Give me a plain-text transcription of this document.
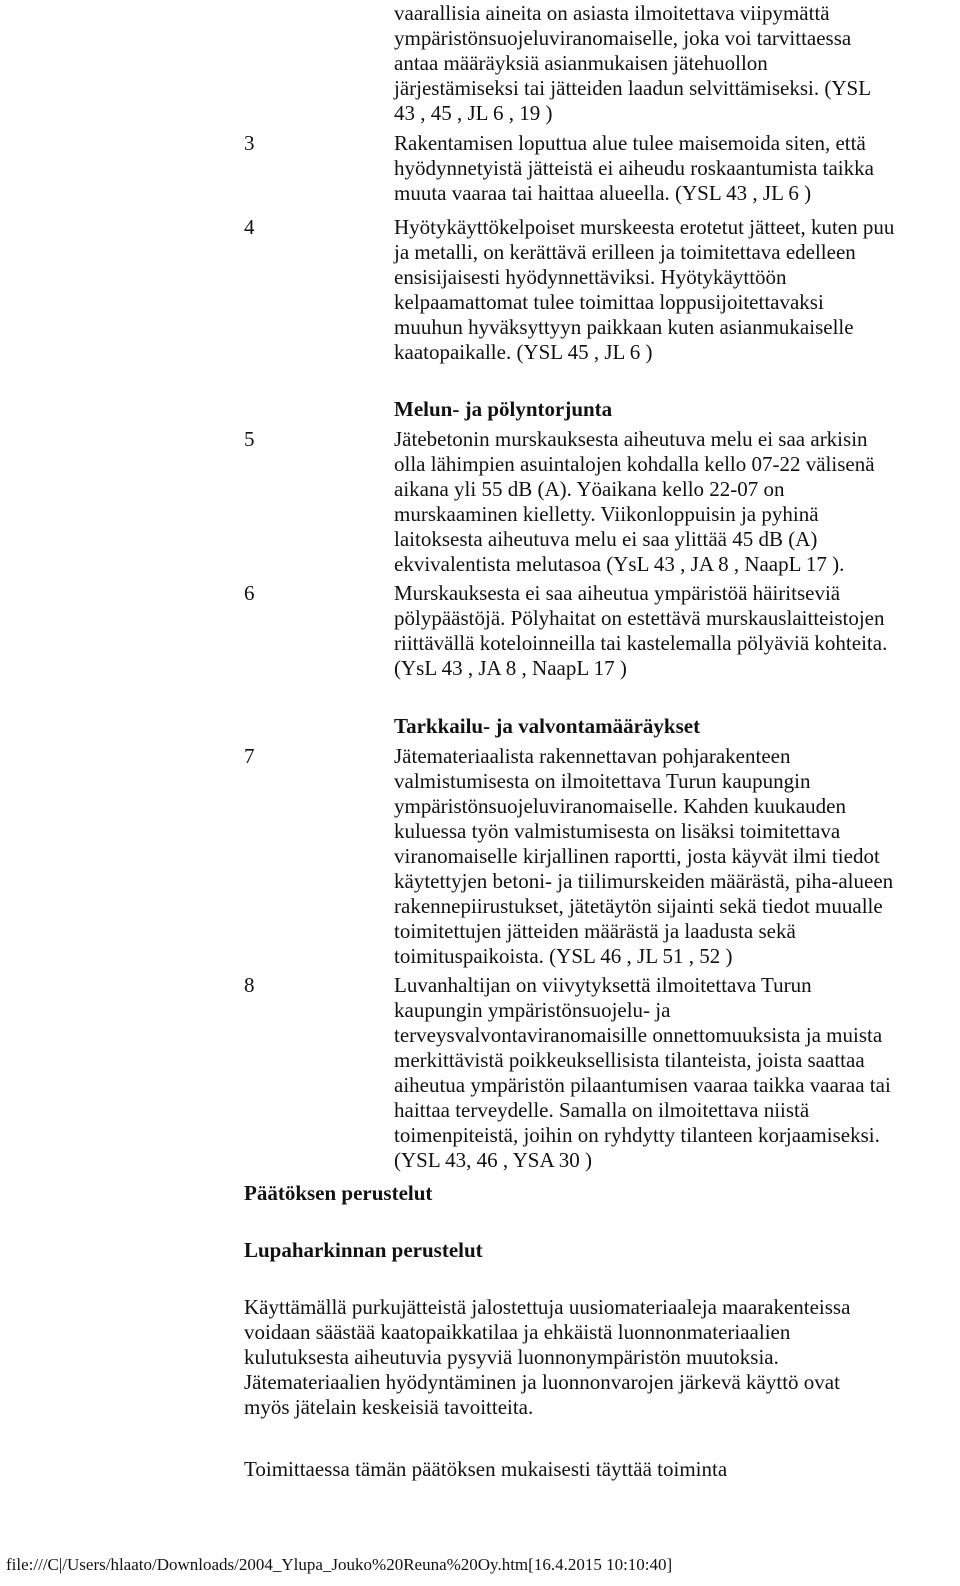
vaarallisia aineita on asiasta ilmoitettava viipymättä
ympäristönsuojeluviranomaiselle, joka voi tarvittaessa
antaa määräyksiä asianmukaisen jätehuollon
järjestämiseksi tai jätteiden laadun selvittämiseksi. (YSL
43 , 45 , JL 6 , 19 )
3	Rakentamisen loputtua alue tulee maisemoida siten, että
hyödynnetyistä jätteistä ei aiheudu roskaantumista taikka
muuta vaaraa tai haittaa alueella. (YSL 43 , JL 6 )
4	Hyötykäyttökelpoiset murskeesta erotetut jätteet, kuten puu
ja metalli, on kerättävä erilleen ja toimitettava edelleen
ensisijaisesti hyödynnettäviksi. Hyötykäyttöön
kelpaamattomat tulee toimittaa loppusijoitettavaksi
muuhun hyväksyttyyn paikkaan kuten asianmukaiselle
kaatopaikalle. (YSL 45 , JL 6 )
Melun- ja pölyntorjunta
5	Jätebetonin murskauksesta aiheutuva melu ei saa arkisin
olla lähimpien asuintalojen kohdalla kello 07-22 välisenä
aikana yli 55 dB (A). Yöaikana kello 22-07 on
murskaaminen kielletty. Viikonloppuisin ja pyhinä
laitoksesta aiheutuva melu ei saa ylittää 45 dB (A)
ekvivalentista melutasoa (YsL 43 , JA 8 , NaapL 17 ).
6	Murskauksesta ei saa aiheutua ympäristöä häiritseviä
pölypäästöjä. Pölyhaitat on estettävä murskauslaitteistojen
riittävällä koteloinneilla tai kastelemalla pölyäviä kohteita.
(YsL 43 , JA 8 , NaapL 17 )
Tarkkailu- ja valvontamääräykset
7	Jätemateriaalista rakennettavan pohjarakenteen
valmistumisesta on ilmoitettava Turun kaupungin
ympäristönsuojeluviranomaiselle. Kahden kuukauden
kuluessa työn valmistumisesta on lisäksi toimitettava
viranomaiselle kirjallinen raportti, josta käyvät ilmi tiedot
käytettyjen betoni- ja tiilimurskeiden määrästä, piha-alueen
rakennepiirustukset, jätetäytön sijainti sekä tiedot muualle
toimitettujen jätteiden määrästä ja laadusta sekä
toimituspaikoista. (YSL 46 , JL 51 , 52 )
8	Luvanhaltijan on viivytyksettä ilmoitettava Turun
kaupungin ympäristönsuojelu- ja
terveysvalvontaviranomaisille onnettomuuksista ja muista
merkittävistä poikkeuksellisista tilanteista, joista saattaa
aiheutua ympäristön pilaantumisen vaaraa taikka vaaraa tai
haittaa terveydelle. Samalla on ilmoitettava niistä
toimenpiteistä, joihin on ryhdytty tilanteen korjaamiseksi.
(YSL 43, 46 , YSA 30 )
Päätöksen perustelut
Lupaharkinnan perustelut
Käyttämällä purkujätteistä jalostettuja uusiomateriaaleja maarakenteissa
voidaan säästää kaatopaikkatilaa ja ehkäistä luonnonmateriaalien
kulutuksesta aiheutuvia pysyviä luonnonympäristön muutoksia.
Jätemateriaalien hyödyntäminen ja luonnonvarojen järkevä käyttö ovat
myös jätelain keskeisiä tavoitteita.
Toimittaessa tämän päätöksen mukaisesti täyttää toiminta
file:///C|/Users/hlaato/Downloads/2004_Ylupa_Jouko%20Reuna%20Oy.htm[16.4.2015 10:10:40]
